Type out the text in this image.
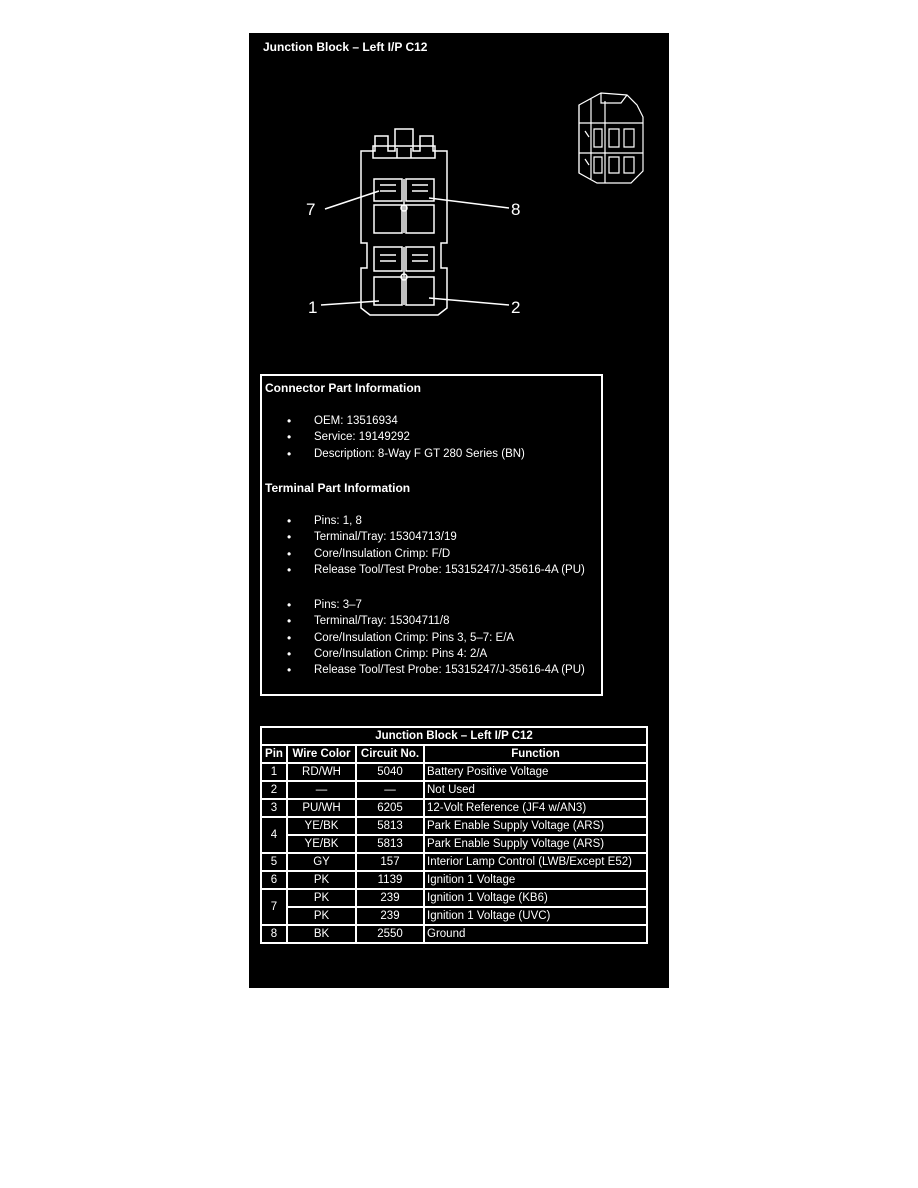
Junction Block – Left I/P C12
7	8
1	2
Connector Part Information
• OEM: 13516934
• Service: 19149292
• Description: 8-Way F GT 280 Series (BN)
Terminal Part Information
• Pins: 1, 8
• Terminal/Tray: 15304713/19
• Core/Insulation Crimp: F/D
• Release Tool/Test Probe: 15315247/J-35616-4A (PU)
• Pins: 3–7
• Terminal/Tray: 15304711/8
• Core/Insulation Crimp: Pins 3, 5–7: E/A
• Core/Insulation Crimp: Pins 4: 2/A
• Release Tool/Test Probe: 15315247/J-35616-4A (PU)
Junction Block – Left I/P C12			
Pin	Wire Color	Circuit No.	Function
1	RD/WH	5040	Battery Positive Voltage
2	—	—	Not Used
3	PU/WH	6205	12-Volt Reference (JF4 w/AN3)
4	YE/BK	5813	Park Enable Supply Voltage (ARS)
	YE/BK	5813	Park Enable Supply Voltage (ARS)
5	GY	157	Interior Lamp Control (LWB/Except E52)
6	PK	1139	Ignition 1 Voltage
7	PK	239	Ignition 1 Voltage (KB6)
	PK	239	Ignition 1 Voltage (UVC)
8	BK	2550	Ground
